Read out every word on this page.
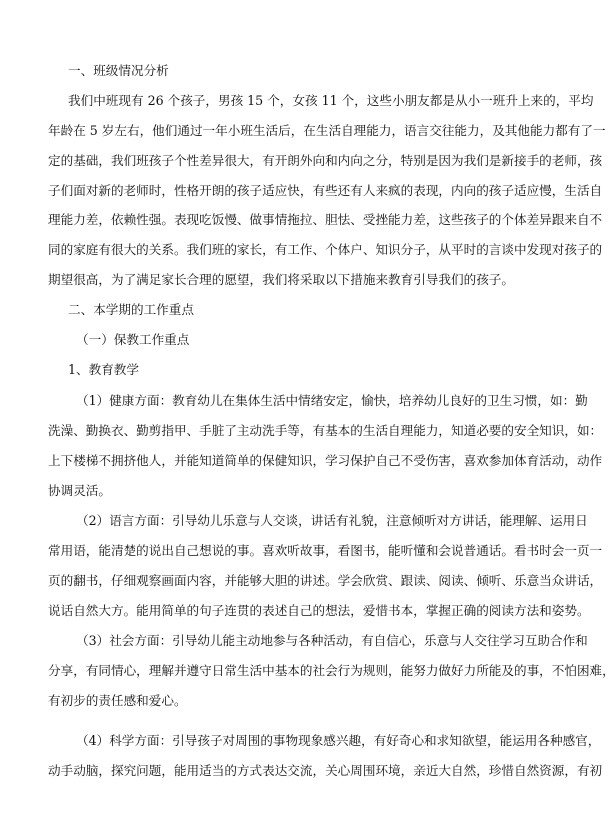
一、班级情况分析
我们中班现有 26 个孩子，男孩 15 个，女孩 11 个，这些小朋友都是从小一班升上来的，平均
年龄在 5 岁左右，他们通过一年小班生活后，在生活自理能力，语言交往能力，及其他能力都有了一
定的基础，我们班孩子个性差异很大，有开朗外向和内向之分，特别是因为我们是新接手的老师，孩
子们面对新的老师时，性格开朗的孩子适应快，有些还有人来疯的表现，内向的孩子适应慢，生活自
理能力差，依赖性强。表现吃饭慢、做事情拖拉、胆怯、受挫能力差，这些孩子的个体差异跟来自不
同的家庭有很大的关系。我们班的家长，有工作、个体户、知识分子，从平时的言谈中发现对孩子的
期望很高，为了满足家长合理的愿望，我们将采取以下措施来教育引导我们的孩子。
二、本学期的工作重点
（一）保教工作重点
1、教育教学
（1）健康方面：教育幼儿在集体生活中情绪安定，愉快，培养幼儿良好的卫生习惯，如：勤
洗澡、勤换衣、勤剪指甲、手脏了主动洗手等，有基本的生活自理能力，知道必要的安全知识，如：
上下楼梯不拥挤他人，并能知道简单的保健知识，学习保护自己不受伤害，喜欢参加体育活动，动作
协调灵活。
（2）语言方面：引导幼儿乐意与人交谈，讲话有礼貌，注意倾听对方讲话，能理解、运用日
常用语，能清楚的说出自己想说的事。喜欢听故事，看图书，能听懂和会说普通话。看书时会一页一
页的翻书，仔细观察画面内容，并能够大胆的讲述。学会欣赏、跟读、阅读、倾听、乐意当众讲话，
说话自然大方。能用简单的句子连贯的表述自己的想法，爱惜书本，掌握正确的阅读方法和姿势。
（3）社会方面：引导幼儿能主动地参与各种活动，有自信心，乐意与人交往学习互助合作和
分享，有同情心，理解并遵守日常生活中基本的社会行为规则，能努力做好力所能及的事，不怕困难，
有初步的责任感和爱心。
（4）科学方面：引导孩子对周围的事物现象感兴趣，有好奇心和求知欲望，能运用各种感官，
动手动脑，探究问题，能用适当的方式表达交流，关心周围环境，亲近大自然，珍惜自然资源，有初
